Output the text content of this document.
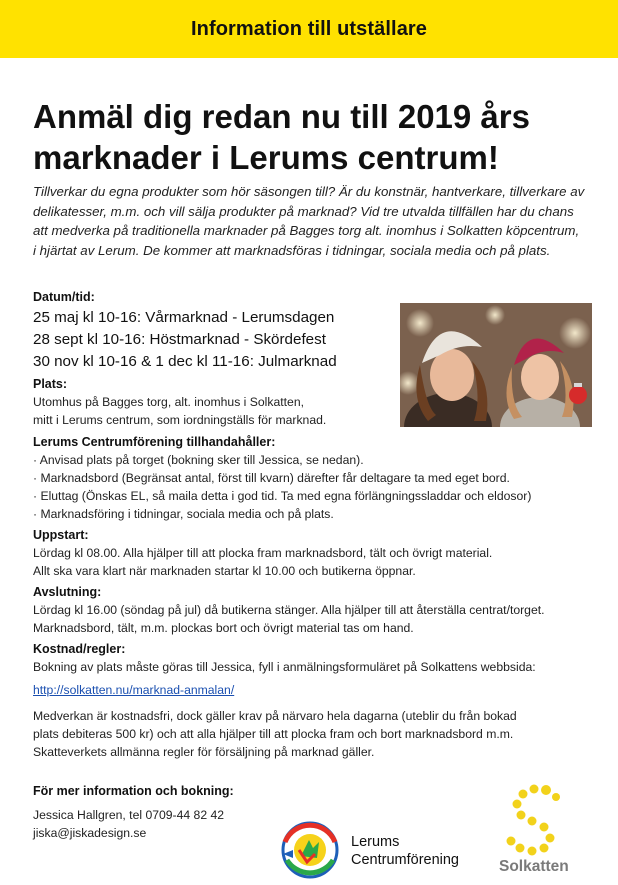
Information till utställare
Anmäl dig redan nu till 2019 års
marknader i Lerums centrum!

Tillverkar du egna produkter som hör säsongen till? Är du konstnär, hantverkare, tillverkare av
delikatesser, m.m. och vill sälja produkter på marknad? Vid tre utvalda tillfällen har du chans
att medverka på traditionella marknader på Bagges torg alt. inomhus i Solkatten köpcentrum,
i hjärtat av Lerum. De kommer att marknadsföras i tidningar, sociala media och på plats.

Datum/tid:
25 maj kl 10-16: Vårmarknad - Lerumsdagen
28 sept kl 10-16: Höstmarknad - Skördefest
30 nov kl 10-16 & 1 dec kl 11-16: Julmarknad
Plats:
Utomhus på Bagges torg, alt. inomhus i Solkatten,
mitt i Lerums centrum, som iordningställs för marknad.
Lerums Centrumförening tillhandahåller:
· Anvisad plats på torget (bokning sker till Jessica, se nedan).
· Marknadsbord (Begränsat antal, först till kvarn) därefter får deltagare ta med eget bord.
· Eluttag (Önskas EL, så maila detta i god tid. Ta med egna förlängningssladdar och eldosor)
· Marknadsföring i tidningar, sociala media och på plats.
Uppstart:
Lördag kl 08.00. Alla hjälper till att plocka fram marknadsbord, tält och övrigt material.
Allt ska vara klart när marknaden startar kl 10.00 och butikerna öppnar.
Avslutning:
Lördag kl 16.00 (söndag på jul) då butikerna stänger. Alla hjälper till att återställa centrat/torget.
Marknadsbord, tält, m.m. plockas bort och övrigt material tas om hand.
Kostnad/regler:
Bokning av plats måste göras till Jessica, fyll i anmälningsformuläret på Solkattens webbsida:
http://solkatten.nu/marknad-anmalan/
Medverkan är kostnadsfri, dock gäller krav på närvaro hela dagarna (uteblir du från bokad
plats debiteras 500 kr) och att alla hjälper till att plocka fram och bort marknadsbord m.m.
Skatteverkets allmänna regler för försäljning på marknad gäller.
För mer information och bokning:
Jessica Hallgren, tel 0709-44 82 42
jiska@jiskadesign.se
Lerums
Centrumförening	Solkatten
